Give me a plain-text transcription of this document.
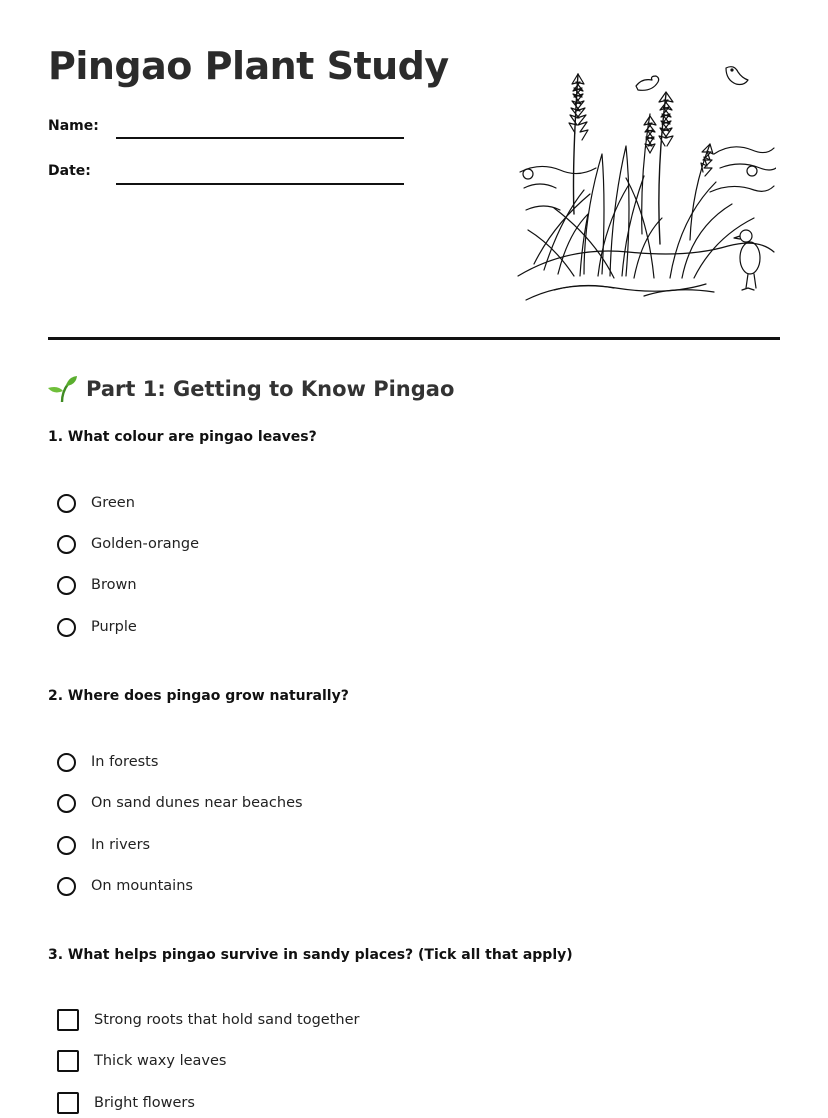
Pingao Plant Study
Name:
Date:
Part 1: Getting to Know Pingao
1. What colour are pingao leaves?
Green
Golden-orange
Brown
Purple
2. Where does pingao grow naturally?
In forests
On sand dunes near beaches
In rivers
On mountains
3. What helps pingao survive in sandy places? (Tick all that apply)
Strong roots that hold sand together
Thick waxy leaves
Bright flowers
